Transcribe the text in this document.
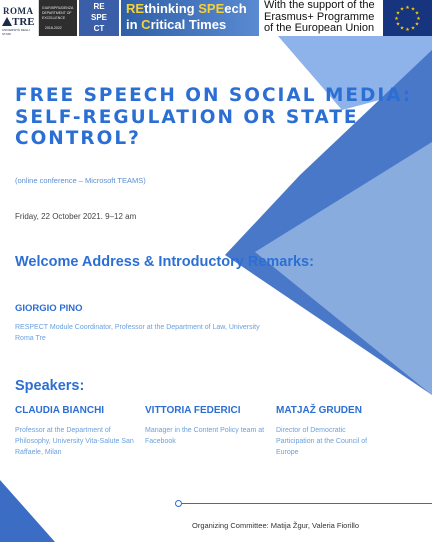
ROMA
TRE
UNIVERSITÀ DEGLI STUDI
GIURISPRUDENZA
DEPARTMENT OF EXCELLENCE
2018-2022
RE
SPE
CT
REthinking SPEech
in Critical Times
With the support of the Erasmus+ Programme of the European Union
★ ★
★
★
★
★
★
★
★
★
★
★
FREE SPEECH ON SOCIAL MEDIA: SELF-REGULATION OR STATE CONTROL?
(online conference – Microsoft TEAMS)
Friday, 22 October 2021. 9–12 am
Welcome Address & Introductory Remarks:
GIORGIO PINO
RESPECT Module Coordinator, Professor at the Department of Law, University Roma Tre
Speakers:
CLAUDIA BIANCHI
Professor at the Department of Philosophy, University Vita-Salute San Raffaele, Milan
VITTORIA FEDERICI
Manager in the Content Policy team at Facebook
MATJAŽ GRUDEN
Director of Democratic Participation at the Council of Europe
Organizing Committee: Matija Žgur, Valeria Fiorillo
